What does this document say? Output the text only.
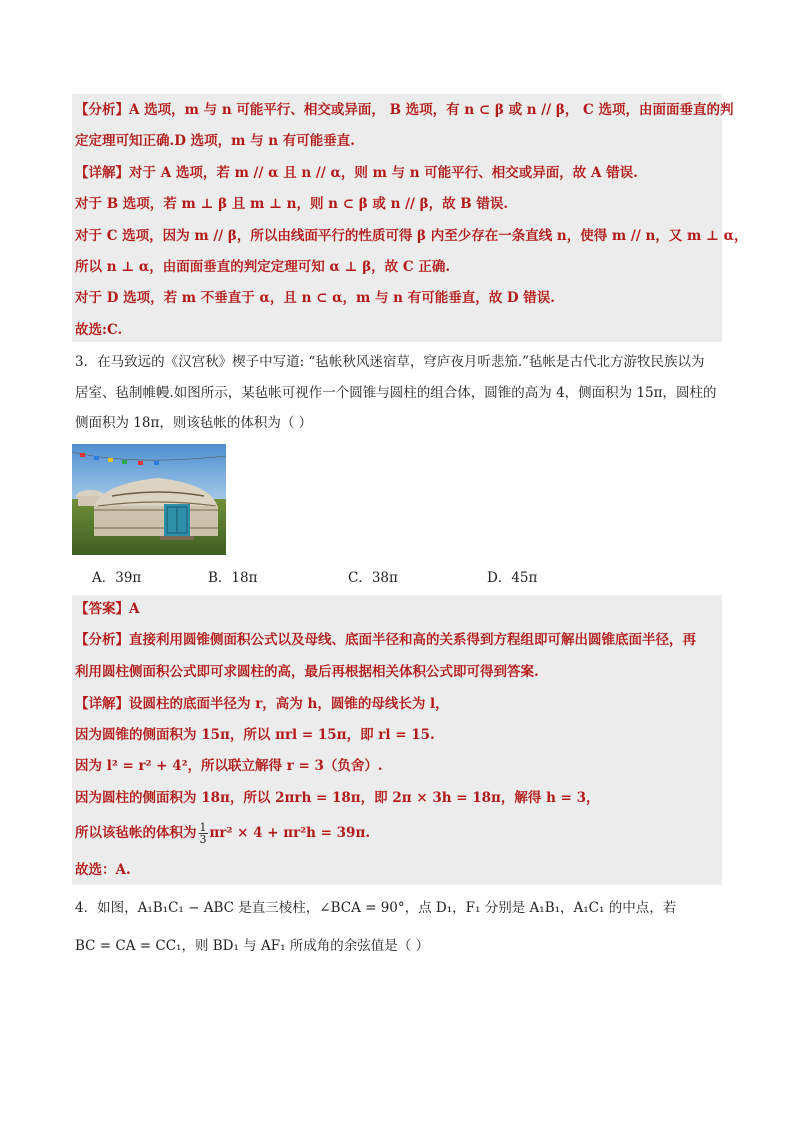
【分析】A 选项，m 与 n 可能平行、相交或异面， B 选项，有 n ⊂ β 或 n // β， C 选项，由面面垂直的判
定定理可知正确.D 选项，m 与 n 有可能垂直.
【详解】对于 A 选项，若 m // α 且 n // α，则 m 与 n 可能平行、相交或异面，故 A 错误.
对于 B 选项，若 m ⊥ β 且 m ⊥ n，则 n ⊂ β 或 n // β，故 B 错误.
对于 C 选项，因为 m // β，所以由线面平行的性质可得 β 内至少存在一条直线 n，使得 m // n，又 m ⊥ α，
所以 n ⊥ α，由面面垂直的判定定理可知 α ⊥ β，故 C 正确.
对于 D 选项，若 m 不垂直于 α，且 n ⊂ α，m 与 n 有可能垂直，故 D 错误.
故选:C.
3．在马致远的《汉宫秋》楔子中写道: “毡帐秋风迷宿草，穹庐夜月听悲笳.”毡帐是古代北方游牧民族以为
居室、毡制帷幔.如图所示，某毡帐可视作一个圆锥与圆柱的组合体，圆锥的高为 4，侧面积为 15π，圆柱的
侧面积为 18π，则该毡帐的体积为（ ）
A．39π	B．18π	C．38π	D．45π
【答案】A
【分析】直接利用圆锥侧面积公式以及母线、底面半径和高的关系得到方程组即可解出圆锥底面半径，再
利用圆柱侧面积公式即可求圆柱的高，最后再根据相关体积公式即可得到答案.
【详解】设圆柱的底面半径为 r，高为 h，圆锥的母线长为 l，
因为圆锥的侧面积为 15π，所以 πrl = 15π，即 rl = 15.
因为 l² = r² + 4²，所以联立解得 r = 3（负舍）.
因为圆柱的侧面积为 18π，所以 2πrh = 18π，即 2π × 3h = 18π，解得 h = 3，
所以该毡帐的体积为 $\frac{1}{3} \pi r^2 \times 4 + \pi r^2h = 39\pi$.
故选：A.
4．如图，A₁B₁C₁ − ABC 是直三棱柱，∠BCA = 90°，点 D₁，F₁ 分别是 A₁B₁，A₁C₁ 的中点，若
BC = CA = CC₁，则 BD₁ 与 AF₁ 所成角的余弦值是（ ）
